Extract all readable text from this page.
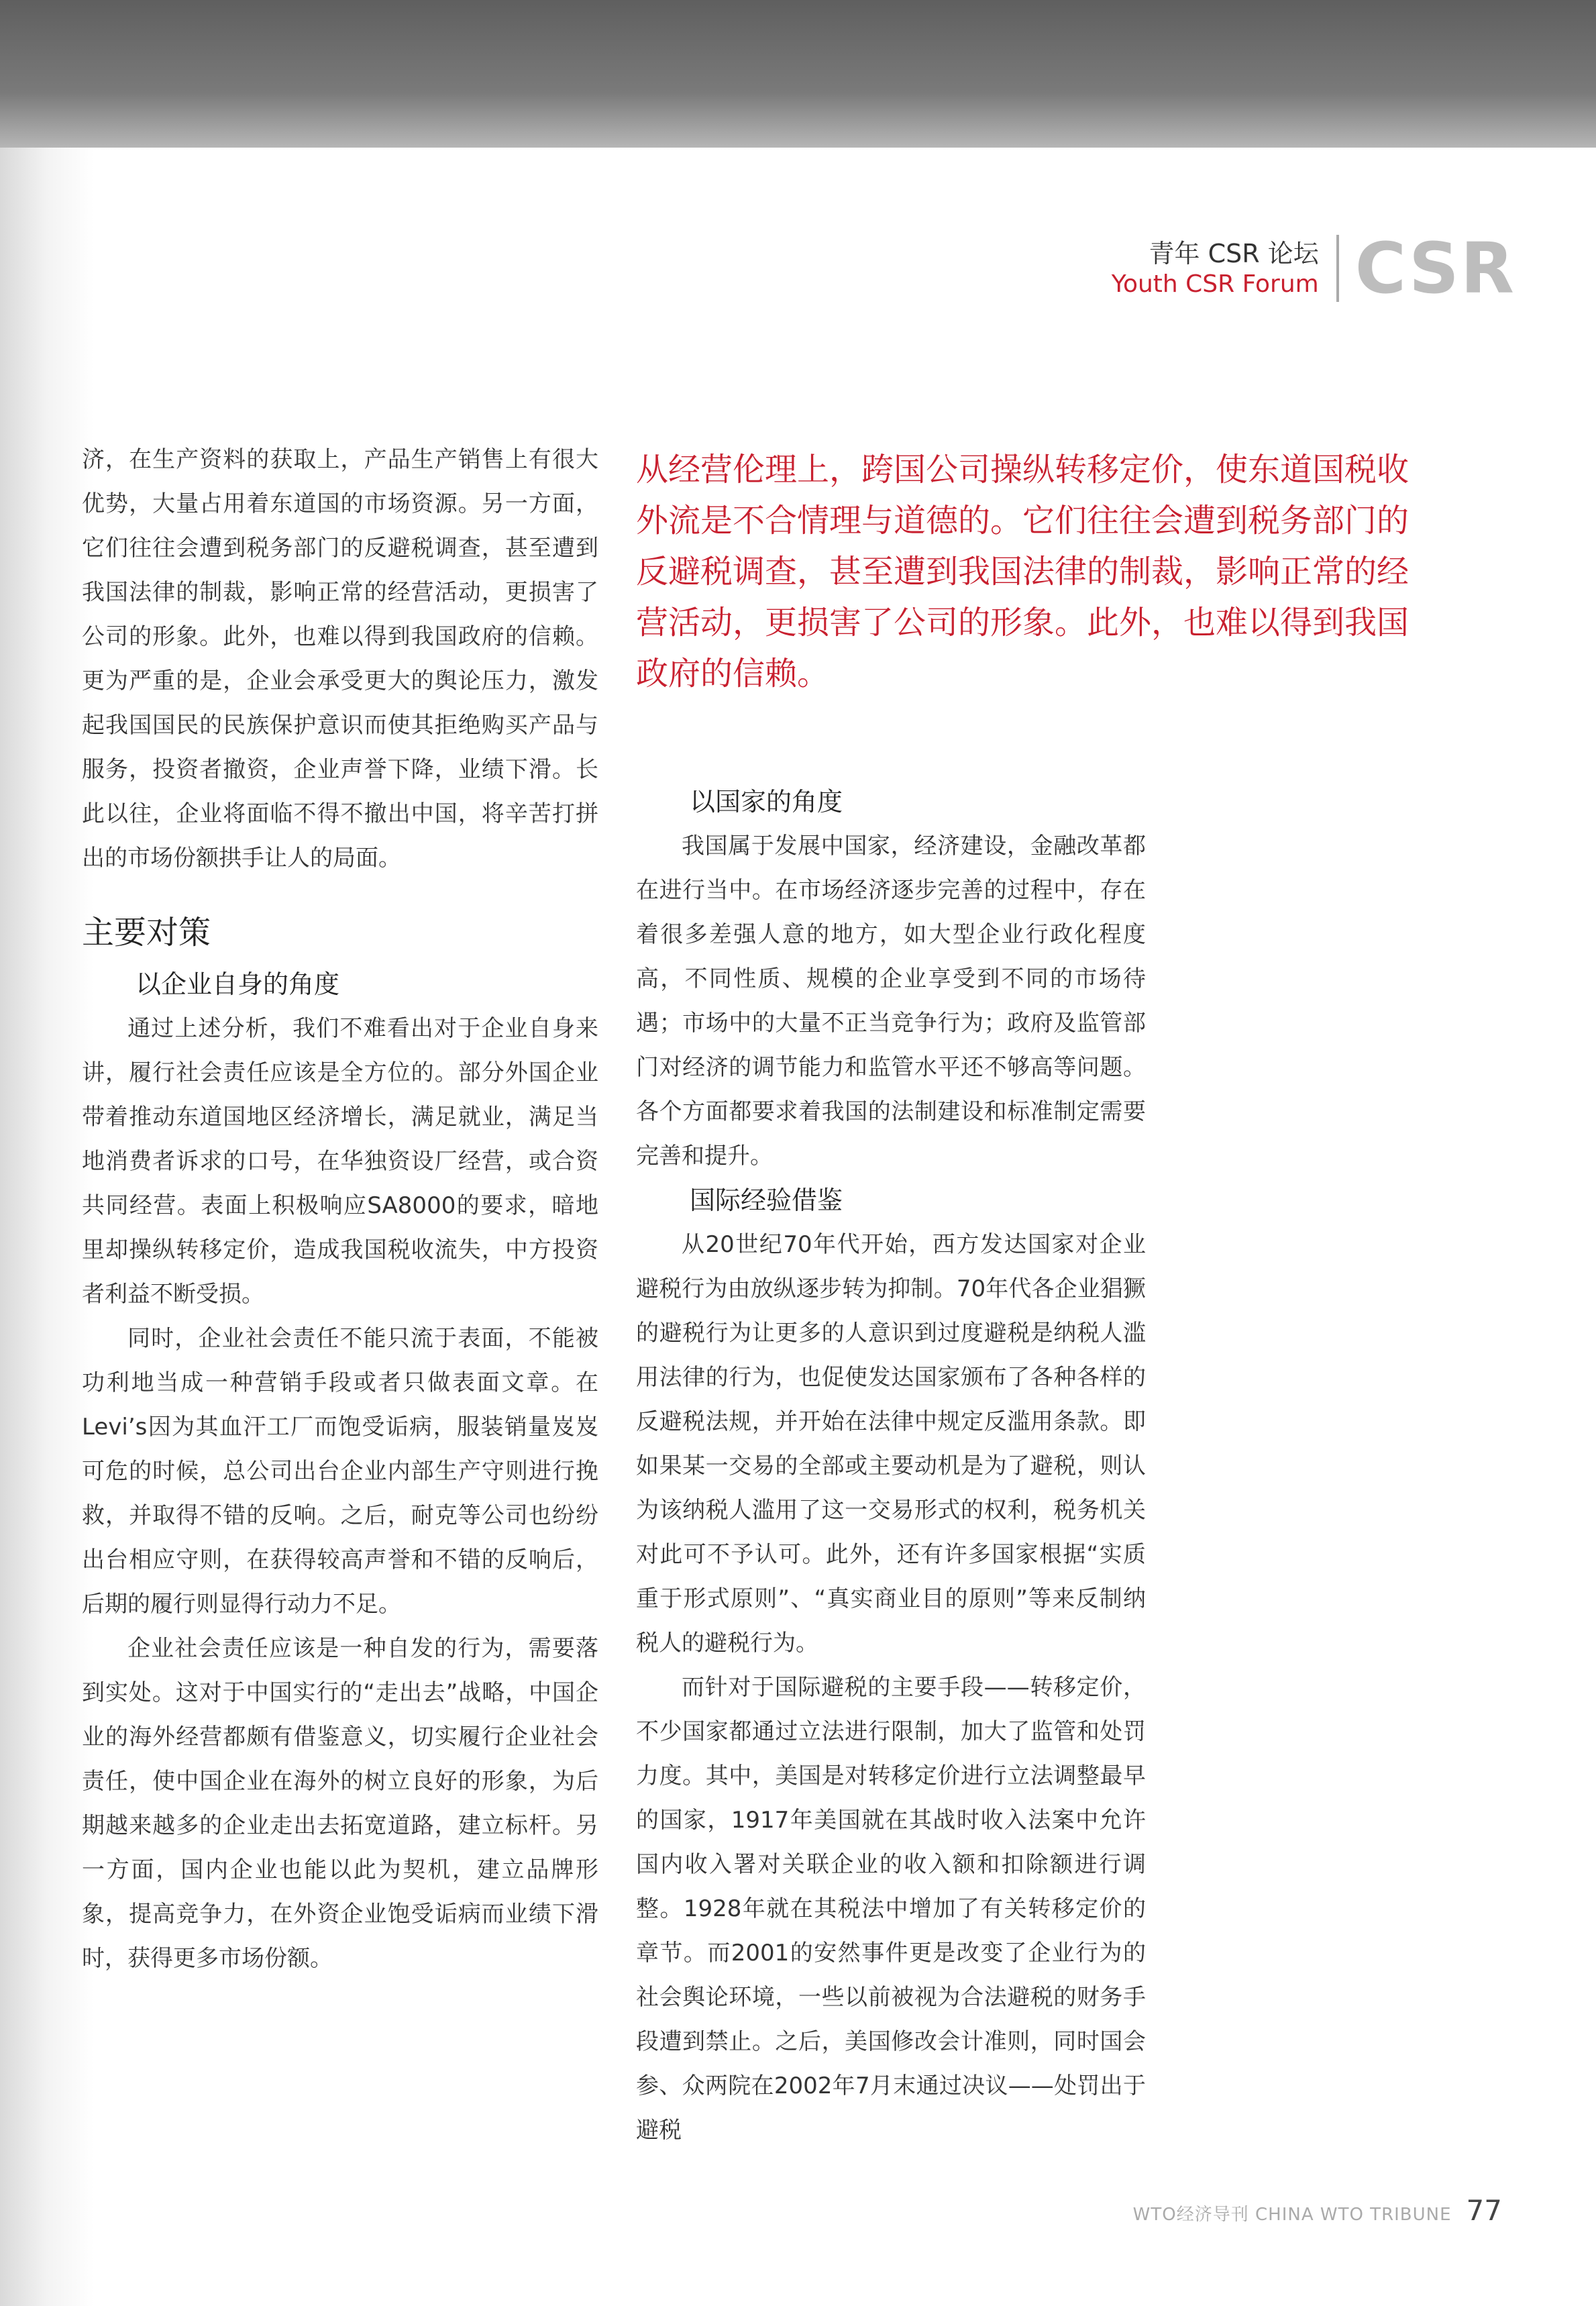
青年 CSR 论坛
Youth CSR Forum CSR
从经营伦理上，跨国公司操纵转移定价，使东道国税收外流是不合情理与道德的。它们往往会遭到税务部门的反避税调查，甚至遭到我国法律的制裁，影响正常的经营活动，更损害了公司的形象。此外，也难以得到我国政府的信赖。

济，在生产资料的获取上，产品生产销售上有很大优势，大量占用着东道国的市场资源。另一方面，它们往往会遭到税务部门的反避税调查，甚至遭到我国法律的制裁，影响正常的经营活动，更损害了公司的形象。此外，也难以得到我国政府的信赖。更为严重的是，企业会承受更大的舆论压力，激发起我国国民的民族保护意识而使其拒绝购买产品与服务，投资者撤资，企业声誉下降，业绩下滑。长此以往，企业将面临不得不撤出中国，将辛苦打拼出的市场份额拱手让人的局面。

主要对策
以企业自身的角度

通过上述分析，我们不难看出对于企业自身来讲，履行社会责任应该是全方位的。部分外国企业带着推动东道国地区经济增长，满足就业，满足当地消费者诉求的口号，在华独资设厂经营，或合资共同经营。表面上积极响应SA8000的要求，暗地里却操纵转移定价，造成我国税收流失，中方投资者利益不断受损。

同时，企业社会责任不能只流于表面，不能被功利地当成一种营销手段或者只做表面文章。在Levi’s因为其血汗工厂而饱受诟病，服装销量岌岌可危的时候，总公司出台企业内部生产守则进行挽救，并取得不错的反响。之后，耐克等公司也纷纷出台相应守则，在获得较高声誉和不错的反响后，后期的履行则显得行动力不足。

企业社会责任应该是一种自发的行为，需要落到实处。这对于中国实行的“走出去”战略，中国企业的海外经营都颇有借鉴意义，切实履行企业社会责任，使中国企业在海外的树立良好的形象，为后期越来越多的企业走出去拓宽道路，建立标杆。另一方面，国内企业也能以此为契机，建立品牌形象，提高竞争力，在外资企业饱受诟病而业绩下滑时，获得更多市场份额。

以国家的角度

我国属于发展中国家，经济建设，金融改革都在进行当中。在市场经济逐步完善的过程中，存在着很多差强人意的地方，如大型企业行政化程度高，不同性质、规模的企业享受到不同的市场待遇；市场中的大量不正当竞争行为；政府及监管部门对经济的调节能力和监管水平还不够高等问题。各个方面都要求着我国的法制建设和标准制定需要完善和提升。

国际经验借鉴

从20世纪70年代开始，西方发达国家对企业避税行为由放纵逐步转为抑制。70年代各企业猖獗的避税行为让更多的人意识到过度避税是纳税人滥用法律的行为，也促使发达国家颁布了各种各样的反避税法规，并开始在法律中规定反滥用条款。即如果某一交易的全部或主要动机是为了避税，则认为该纳税人滥用了这一交易形式的权利，税务机关对此可不予认可。此外，还有许多国家根据“实质重于形式原则”、“真实商业目的原则”等来反制纳税人的避税行为。

而针对于国际避税的主要手段——转移定价，不少国家都通过立法进行限制，加大了监管和处罚力度。其中，美国是对转移定价进行立法调整最早的国家，1917年美国就在其战时收入法案中允许国内收入署对关联企业的收入额和扣除额进行调整。1928年就在其税法中增加了有关转移定价的章节。而2001的安然事件更是改变了企业行为的社会舆论环境，一些以前被视为合法避税的财务手段遭到禁止。之后，美国修改会计准则，同时国会参、众两院在2002年7月末通过决议——处罚出于避税

WTO经济导刊 CHINA WTO TRIBUNE 77
